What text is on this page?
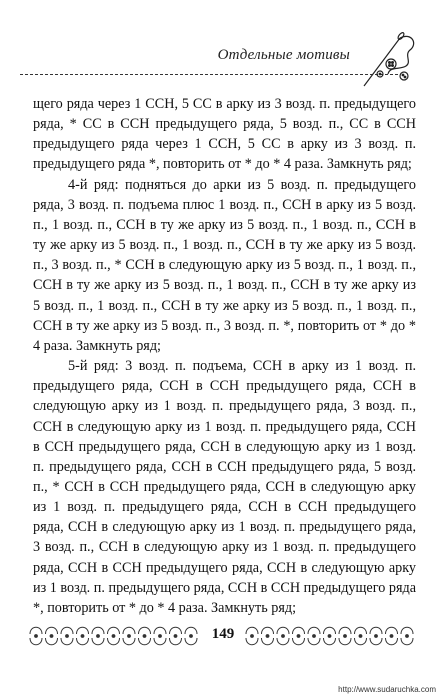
Отдельные мотивы

щего ряда через 1 ССН, 5 СС в арку из 3 возд. п. предыдущего ряда, * СС в ССН предыдущего ряда, 5 возд. п., СС в ССН предыдущего ряда через 1 ССН, 5 СС в арку из 3 возд. п. предыдущего ряда *, повторить от * до * 4 раза. Замкнуть ряд;

4-й ряд: подняться до арки из 5 возд. п. предыдущего ряда, 3 возд. п. подъема плюс 1 возд. п., ССН в арку из 5 возд. п., 1 возд. п., ССН в ту же арку из 5 возд. п., 1 возд. п., ССН в ту же арку из 5 возд. п., 1 возд. п., ССН в ту же арку из 5 возд. п., 3 возд. п., * ССН в следующую арку из 5 возд. п., 1 возд. п., ССН в ту же арку из 5 возд. п., 1 возд. п., ССН в ту же арку из 5 возд. п., 1 возд. п., ССН в ту же арку из 5 возд. п., 1 возд. п., ССН в ту же арку из 5 возд. п., 3 возд. п. *, повторить от * до * 4 раза. Замкнуть ряд;

5-й ряд: 3 возд. п. подъема, ССН в арку из 1 возд. п. предыдущего ряда, ССН в ССН предыдущего ряда, ССН в следующую арку из 1 возд. п. предыдущего ряда, 3 возд. п., ССН в следующую арку из 1 возд. п. предыдущего ряда, ССН в ССН предыдущего ряда, ССН в следующую арку из 1 возд. п. предыдущего ряда, ССН в ССН предыдущего ряда, 5 возд. п., * ССН в ССН предыдущего ряда, ССН в следующую арку из 1 возд. п. предыдущего ряда, ССН в ССН предыдущего ряда, ССН в следующую арку из 1 возд. п. предыдущего ряда, 3 возд. п., ССН в следующую арку из 1 возд. п. предыдущего ряда, ССН в ССН предыдущего ряда, ССН в следующую арку из 1 возд. п. предыдущего ряда, ССН в ССН предыдущего ряда *, повторить от * до * 4 раза. Замкнуть ряд;

149
http://www.sudaruchka.com
